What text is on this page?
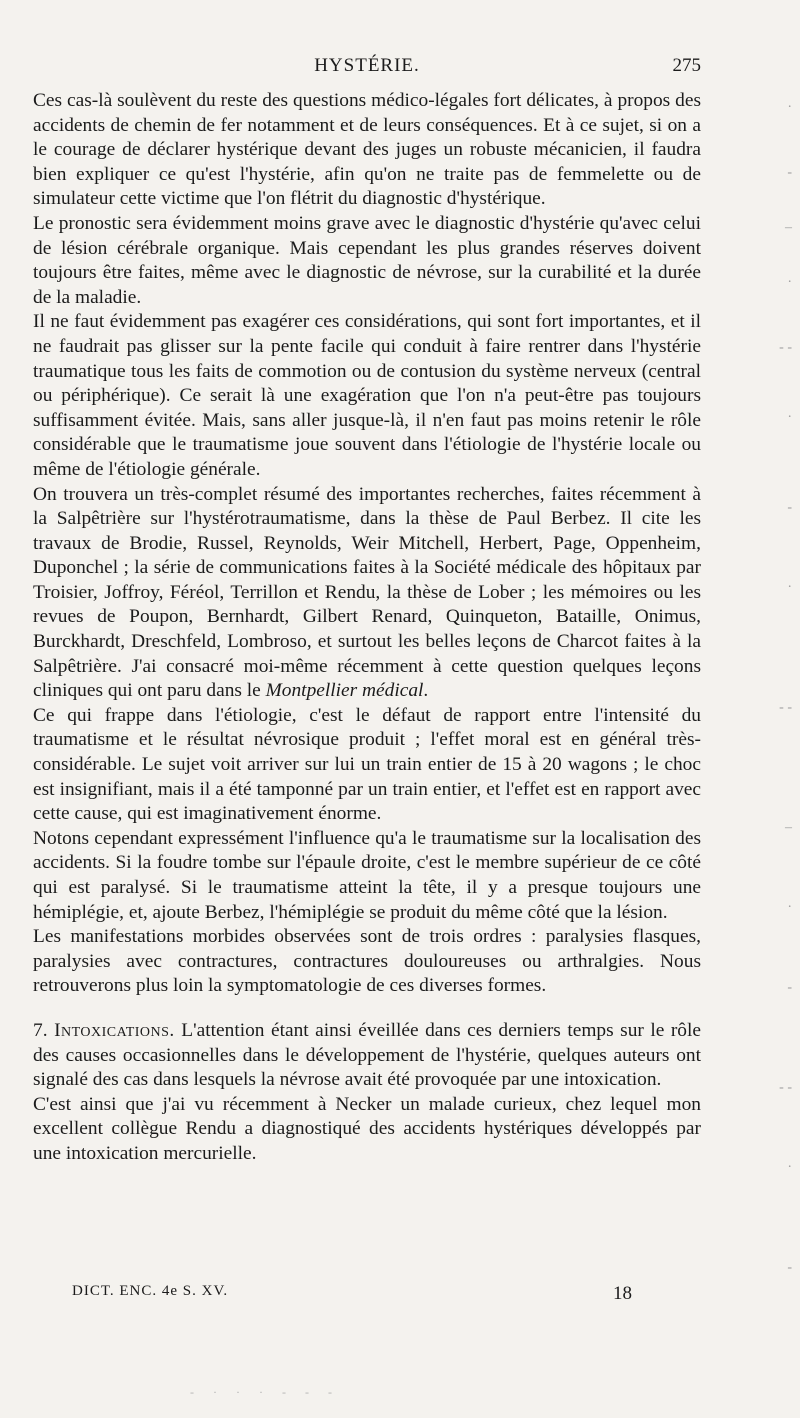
HYSTÉRIE.	275

Ces cas-là soulèvent du reste des questions médico-légales fort délicates, à propos des accidents de chemin de fer notamment et de leurs conséquences. Et à ce sujet, si on a le courage de déclarer hystérique devant des juges un robuste mécanicien, il faudra bien expliquer ce qu'est l'hystérie, afin qu'on ne traite pas de femmelette ou de simulateur cette victime que l'on flétrit du diagnostic d'hystérique.

Le pronostic sera évidemment moins grave avec le diagnostic d'hystérie qu'avec celui de lésion cérébrale organique. Mais cependant les plus grandes réserves doivent toujours être faites, même avec le diagnostic de névrose, sur la curabilité et la durée de la maladie.

Il ne faut évidemment pas exagérer ces considérations, qui sont fort importantes, et il ne faudrait pas glisser sur la pente facile qui conduit à faire rentrer dans l'hystérie traumatique tous les faits de commotion ou de contusion du système nerveux (central ou périphérique). Ce serait là une exagération que l'on n'a peut-être pas toujours suffisamment évitée. Mais, sans aller jusque-là, il n'en faut pas moins retenir le rôle considérable que le traumatisme joue souvent dans l'étiologie de l'hystérie locale ou même de l'étiologie générale.

On trouvera un très-complet résumé des importantes recherches, faites récemment à la Salpêtrière sur l'hystérotraumatisme, dans la thèse de Paul Berbez. Il cite les travaux de Brodie, Russel, Reynolds, Weir Mitchell, Herbert, Page, Oppenheim, Duponchel ; la série de communications faites à la Société médicale des hôpitaux par Troisier, Joffroy, Féréol, Terrillon et Rendu, la thèse de Lober ; les mémoires ou les revues de Poupon, Bernhardt, Gilbert Renard, Quinqueton, Bataille, Onimus, Burckhardt, Dreschfeld, Lombroso, et surtout les belles leçons de Charcot faites à la Salpêtrière. J'ai consacré moi-même récemment à cette question quelques leçons cliniques qui ont paru dans le Montpellier médical.

Ce qui frappe dans l'étiologie, c'est le défaut de rapport entre l'intensité du traumatisme et le résultat névrosique produit ; l'effet moral est en général très-considérable. Le sujet voit arriver sur lui un train entier de 15 à 20 wagons ; le choc est insignifiant, mais il a été tamponné par un train entier, et l'effet est en rapport avec cette cause, qui est imaginativement énorme.

Notons cependant expressément l'influence qu'a le traumatisme sur la localisation des accidents. Si la foudre tombe sur l'épaule droite, c'est le membre supérieur de ce côté qui est paralysé. Si le traumatisme atteint la tête, il y a presque toujours une hémiplégie, et, ajoute Berbez, l'hémiplégie se produit du même côté que la lésion.

Les manifestations morbides observées sont de trois ordres : paralysies flasques, paralysies avec contractures, contractures douloureuses ou arthralgies. Nous retrouverons plus loin la symptomatologie de ces diverses formes.

7. Intoxications. L'attention étant ainsi éveillée dans ces derniers temps sur le rôle des causes occasionnelles dans le développement de l'hystérie, quelques auteurs ont signalé des cas dans lesquels la névrose avait été provoquée par une intoxication.

C'est ainsi que j'ai vu récemment à Necker un malade curieux, chez lequel mon excellent collègue Rendu a diagnostiqué des accidents hystériques développés par une intoxication mercurielle.

DICT. ENC. 4e S. XV.	18
·
-
–
·
- -
·
-
·
- -
–
·
-
- -
·
-
- · · · - - -
